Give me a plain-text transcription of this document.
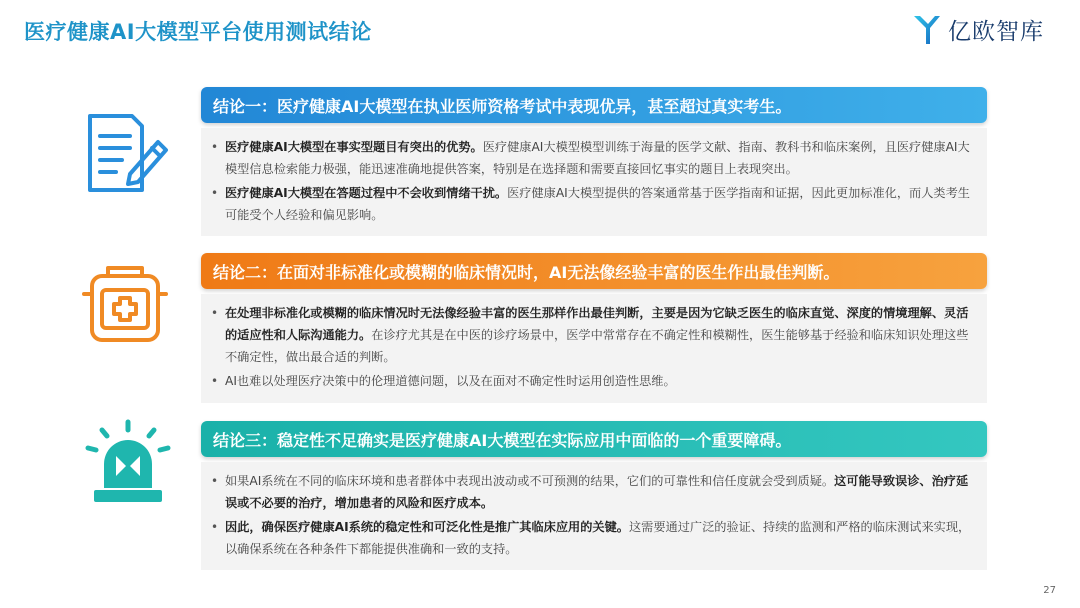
医疗健康AI大模型平台使用测试结论	亿欧智库
结论一：医疗健康AI大模型在执业医师资格考试中表现优异，甚至超过真实考生。

• 医疗健康AI大模型在事实型题目有突出的优势。医疗健康AI大模型模型训练于海量的医学文献、指南、教科书和临床案例，且医疗健康AI大模型信息检索能力极强，能迅速准确地提供答案，特别是在选择题和需要直接回忆事实的题目上表现突出。

• 医疗健康AI大模型在答题过程中不会收到情绪干扰。医疗健康AI大模型提供的答案通常基于医学指南和证据，因此更加标准化，而人类考生可能受个人经验和偏见影响。

结论二：在面对非标准化或模糊的临床情况时，AI无法像经验丰富的医生作出最佳判断。

• 在处理非标准化或模糊的临床情况时无法像经验丰富的医生那样作出最佳判断，主要是因为它缺乏医生的临床直觉、深度的情境理解、灵活的适应性和人际沟通能力。在诊疗尤其是在中医的诊疗场景中，医学中常常存在不确定性和模糊性，医生能够基于经验和临床知识处理这些不确定性，做出最合适的判断。

• AI也难以处理医疗决策中的伦理道德问题，以及在面对不确定性时运用创造性思维。

结论三：稳定性不足确实是医疗健康AI大模型在实际应用中面临的一个重要障碍。

• 如果AI系统在不同的临床环境和患者群体中表现出波动或不可预测的结果，它们的可靠性和信任度就会受到质疑。这可能导致误诊、治疗延误或不必要的治疗，增加患者的风险和医疗成本。

• 因此，确保医疗健康AI系统的稳定性和可泛化性是推广其临床应用的关键。这需要通过广泛的验证、持续的监测和严格的临床测试来实现，以确保系统在各种条件下都能提供准确和一致的支持。

27
